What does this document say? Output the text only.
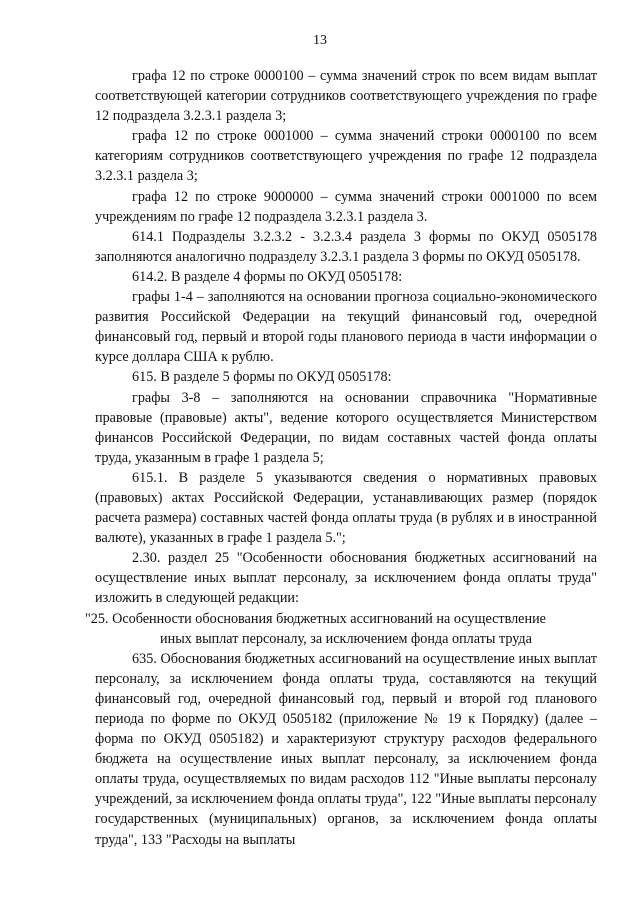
13

графа 12 по строке 0000100 – сумма значений строк по всем видам выплат соответствующей категории сотрудников соответствующего учреждения по графе 12 подраздела 3.2.3.1 раздела 3;

графа 12 по строке 0001000 – сумма значений строки 0000100 по всем категориям сотрудников соответствующего учреждения по графе 12 подраздела 3.2.3.1 раздела 3;

графа 12 по строке 9000000 – сумма значений строки 0001000 по всем учреждениям по графе 12 подраздела 3.2.3.1 раздела 3.

614.1 Подразделы 3.2.3.2 - 3.2.3.4 раздела 3 формы по ОКУД 0505178 заполняются аналогично подразделу 3.2.3.1 раздела 3 формы по ОКУД 0505178.

614.2. В разделе 4 формы по ОКУД 0505178:

графы 1-4 – заполняются на основании прогноза социально-экономического развития Российской Федерации на текущий финансовый год, очередной финансовый год, первый и второй годы планового периода в части информации о курсе доллара США к рублю.

615. В разделе 5 формы по ОКУД 0505178:

графы 3-8 – заполняются на основании справочника "Нормативные правовые (правовые) акты", ведение которого осуществляется Министерством финансов Российской Федерации, по видам составных частей фонда оплаты труда, указанным в графе 1 раздела 5;

615.1. В разделе 5 указываются сведения о нормативных правовых (правовых) актах Российской Федерации, устанавливающих размер (порядок расчета размера) составных частей фонда оплаты труда (в рублях и в иностранной валюте), указанных в графе 1 раздела 5.";

2.30. раздел 25 "Особенности обоснования бюджетных ассигнований на осуществление иных выплат персоналу, за исключением фонда оплаты труда" изложить в следующей редакции:

"25. Особенности обоснования бюджетных ассигнований на осуществление
иных выплат персоналу, за исключением фонда оплаты труда

635. Обоснования бюджетных ассигнований на осуществление иных выплат персоналу, за исключением фонда оплаты труда, составляются на текущий финансовый год, очередной финансовый год, первый и второй год планового периода по форме по ОКУД 0505182 (приложение № 19 к Порядку) (далее – форма по ОКУД 0505182) и характеризуют структуру расходов федерального бюджета на осуществление иных выплат персоналу, за исключением фонда оплаты труда, осуществляемых по видам расходов 112 "Иные выплаты персоналу учреждений, за исключением фонда оплаты труда", 122 "Иные выплаты персоналу государственных (муниципальных) органов, за исключением фонда оплаты труда", 133 "Расходы на выплаты
